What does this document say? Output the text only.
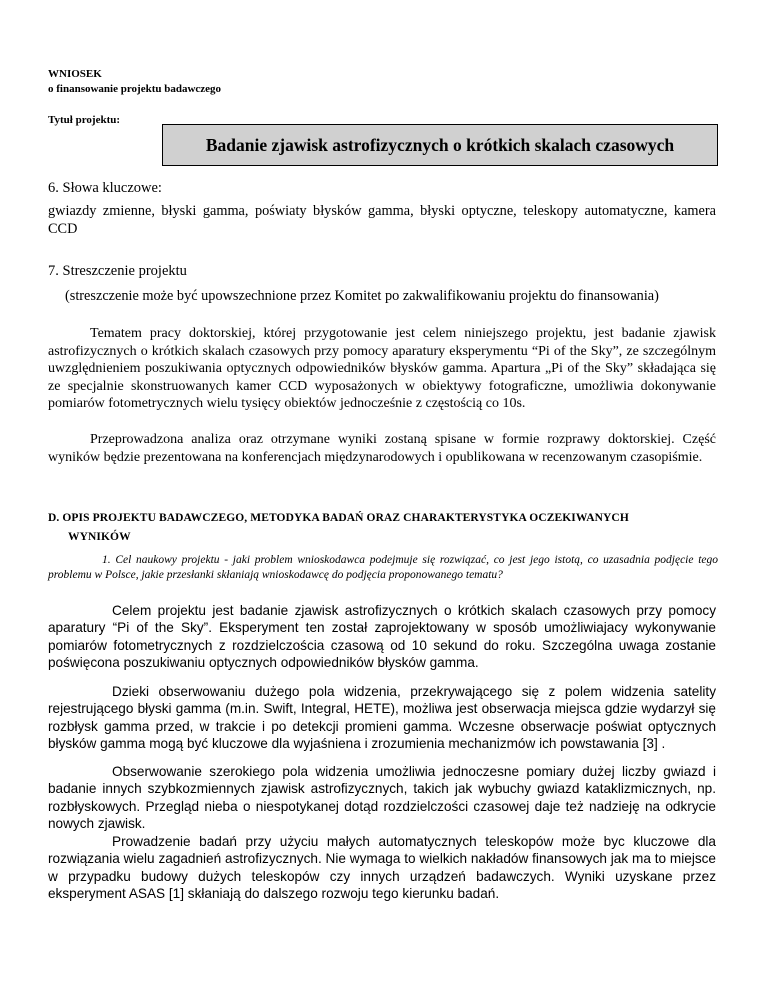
WNIOSEK
o finansowanie projektu badawczego
Tytuł projektu:
Badanie zjawisk astrofizycznych o krótkich skalach czasowych
6. Słowa kluczowe:

gwiazdy zmienne, błyski gamma, poświaty błysków gamma, błyski optyczne, teleskopy automatyczne, kamera CCD

7. Streszczenie projektu
(streszczenie może być upowszechnione przez Komitet po zakwalifikowaniu projektu do finansowania)

Tematem pracy doktorskiej, której przygotowanie jest celem niniejszego projektu, jest badanie zjawisk astrofizycznych o krótkich skalach czasowych przy pomocy aparatury eksperymentu “Pi of the Sky”, ze szczególnym uwzględnieniem poszukiwania optycznych odpowiedników błysków gamma. Apartura „Pi of the Sky” składająca się ze specjalnie skonstruowanych kamer CCD wyposażonych w obiektywy fotograficzne, umożliwia dokonywanie pomiarów fotometrycznych wielu tysięcy obiektów jednocześnie z częstością co 10s.

Przeprowadzona analiza oraz otrzymane wyniki zostaną spisane w formie rozprawy doktorskiej. Część wyników będzie prezentowana na konferencjach międzynarodowych i opublikowana w recenzowanym czasopiśmie.

D. OPIS PROJEKTU BADAWCZEGO, METODYKA BADAŃ ORAZ CHARAKTERYSTYKA OCZEKIWANYCH
WYNIKÓW

1. Cel naukowy projektu - jaki problem wnioskodawca podejmuje się rozwiązać, co jest jego istotą, co uzasadnia podjęcie tego problemu w Polsce, jakie przesłanki skłaniają wnioskodawcę do podjęcia proponowanego tematu?

Celem projektu jest badanie zjawisk astrofizycznych o krótkich skalach czasowych przy pomocy aparatury “Pi of the Sky”. Eksperyment ten został zaprojektowany w sposób umożliwiajacy wykonywanie pomiarów fotometrycznych z rozdzielczościa czasową od 10 sekund do roku. Szczególna uwaga zostanie poświęcona poszukiwaniu optycznych odpowiedników błysków gamma.

Dzieki obserwowaniu dużego pola widzenia, przekrywającego się z polem widzenia satelity rejestrującego błyski gamma (m.in. Swift, Integral, HETE), możliwa jest obserwacja miejsca gdzie wydarzył się rozbłysk gamma przed, w trakcie i po detekcji promieni gamma. Wczesne obserwacje poświat optycznych błysków gamma mogą być kluczowe dla wyjaśniena i zrozumienia mechanizmów ich powstawania [3] .

Obserwowanie szerokiego pola widzenia umożliwia jednoczesne pomiary dużej liczby gwiazd i badanie innych szybkozmiennych zjawisk astrofizycznych, takich jak wybuchy gwiazd kataklizmicznych, np. rozbłyskowych. Przegląd nieba o niespotykanej dotąd rozdzielczości czasowej daje też nadzieję na odkrycie nowych zjawisk.

Prowadzenie badań przy użyciu małych automatycznych teleskopów może byc kluczowe dla rozwiązania wielu zagadnień astrofizycznych. Nie wymaga to wielkich nakładów finansowych jak ma to miejsce w przypadku budowy dużych teleskopów czy innych urządzeń badawczych. Wyniki uzyskane przez eksperyment ASAS [1] skłaniają do dalszego rozwoju tego kierunku badań.
